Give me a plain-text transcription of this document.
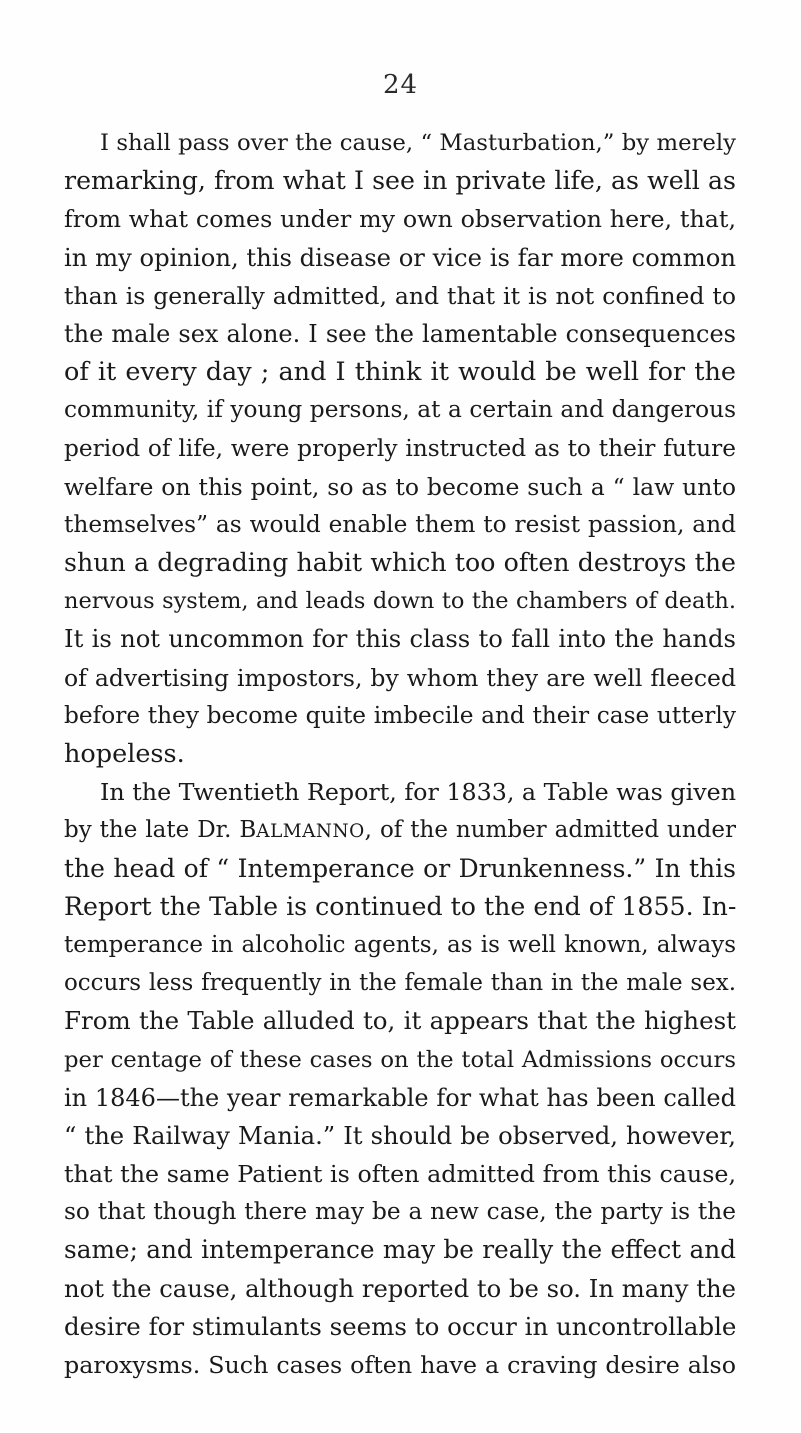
24
I shall pass over the cause, “ Masturbation,” by merely
remarking, from what I see in private life, as well as
from what comes under my own observation here, that,
in my opinion, this disease or vice is far more common
than is generally admitted, and that it is not confined to
the male sex alone. I see the lamentable consequences
of it every day ; and I think it would be well for the
community, if young persons, at a certain and dangerous
period of life, were properly instructed as to their future
welfare on this point, so as to become such a “ law unto
themselves” as would enable them to resist passion, and
shun a degrading habit which too often destroys the
nervous system, and leads down to the chambers of death.
It is not uncommon for this class to fall into the hands
of advertising impostors, by whom they are well fleeced
before they become quite imbecile and their case utterly
hopeless.
In the Twentieth Report, for 1833, a Table was given
by the late Dr. BALMANNO, of the number admitted under
the head of “ Intemperance or Drunkenness.” In this
Report the Table is continued to the end of 1855. In-
temperance in alcoholic agents, as is well known, always
occurs less frequently in the female than in the male sex.
From the Table alluded to, it appears that the highest
per centage of these cases on the total Admissions occurs
in 1846—the year remarkable for what has been called
“ the Railway Mania.” It should be observed, however,
that the same Patient is often admitted from this cause,
so that though there may be a new case, the party is the
same; and intemperance may be really the effect and
not the cause, although reported to be so. In many the
desire for stimulants seems to occur in uncontrollable
paroxysms. Such cases often have a craving desire also
